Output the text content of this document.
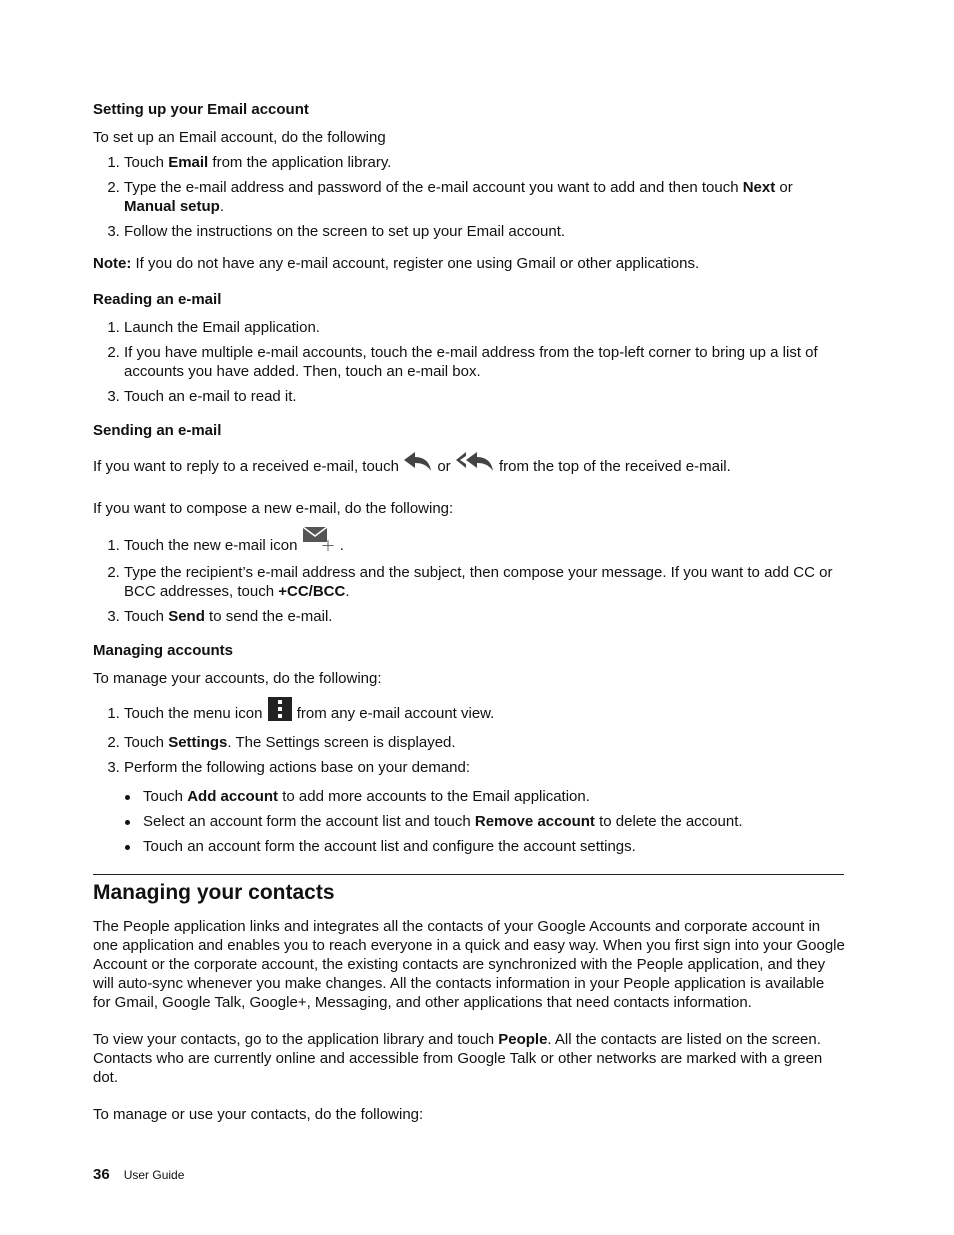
Setting up your Email account

To set up an Email account, do the following

1. Touch Email from the application library.
2. Type the e-mail address and password of the e-mail account you want to add and then touch Next or Manual setup.
3. Follow the instructions on the screen to set up your Email account.

Note: If you do not have any e-mail account, register one using Gmail or other applications.

Reading an e-mail
1. Launch the Email application.
2. If you have multiple e-mail accounts, touch the e-mail address from the top-left corner to bring up a list of accounts you have added. Then, touch an e-mail box.
3. Touch an e-mail to read it.
Sending an e-mail

If you want to reply to a received e-mail, touch  or	from the top of the received e-mail.

If you want to compose a new e-mail, do the following:

1. Touch the new e-mail icon	.
2. Type the recipient’s e-mail address and the subject, then compose your message. If you want to add CC or BCC addresses, touch +CC/BCC.
3. Touch Send to send the e-mail.
Managing accounts

To manage your accounts, do the following:

1. Touch the menu icon  from any e-mail account view.
2. Touch Settings. The Settings screen is displayed.
3. Perform the following actions base on your demand:
Touch Add account to add more accounts to the Email application.
Select an account form the account list and touch Remove account to delete the account.
Touch an account form the account list and configure the account settings.
Managing your contacts

The People application links and integrates all the contacts of your Google Accounts and corporate account in one application and enables you to reach everyone in a quick and easy way. When you first sign into your Google Account or the corporate account, the existing contacts are synchronized with the People application, and they will auto-sync whenever you make changes. All the contacts information in your People application is available for Gmail, Google Talk, Google+, Messaging, and other applications that need contacts information.

To view your contacts, go to the application library and touch People. All the contacts are listed on the screen. Contacts who are currently online and accessible from Google Talk or other networks are marked with a green dot.

To manage or use your contacts, do the following:

36 User Guide
